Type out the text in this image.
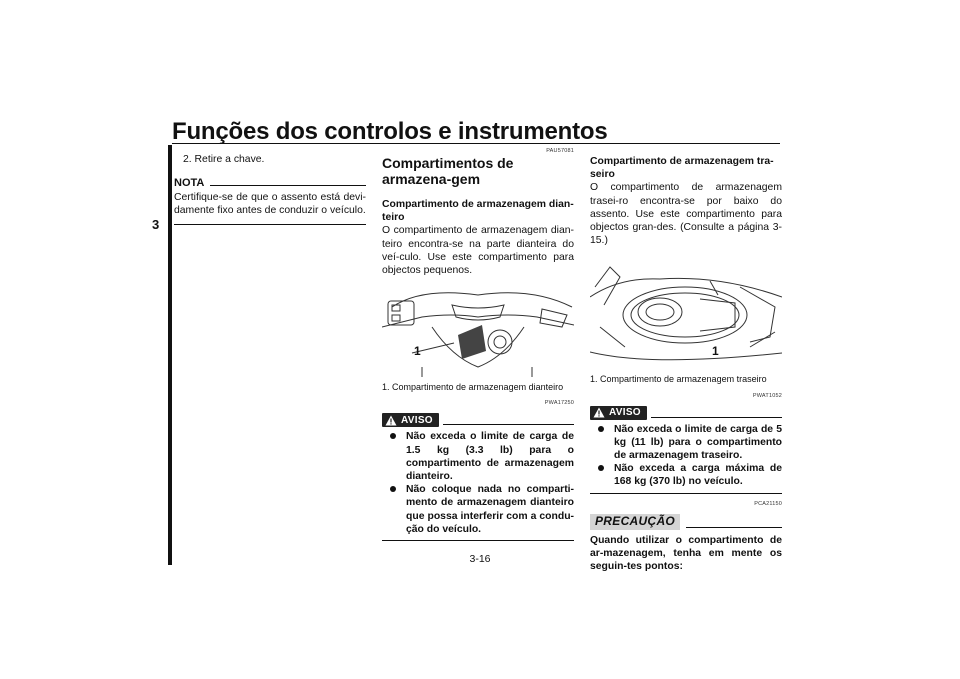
Funções dos controlos e instrumentos
3
2. Retire a chave.
NOTA
Certifique-se de que o assento está devi-damente fixo antes de conduzir o veículo.
PAU57081
Compartimentos de armazena-gem
Compartimento de armazenagem dian-teiro
O compartimento de armazenagem dian-teiro encontra-se na parte dianteira do veí-culo. Use este compartimento para objectos pequenos.
1
1. Compartimento de armazenagem dianteiro
PWA17250
AVISO
Não exceda o limite de carga de 1.5 kg (3.3 lb) para o compartimento de armazenagem dianteiro.
Não coloque nada no comparti-mento de armazenagem dianteiro que possa interferir com a condu-ção do veículo.
Compartimento de armazenagem tra-seiro
O compartimento de armazenagem trasei-ro encontra-se por baixo do assento. Use este compartimento para objectos gran-des. (Consulte a página 3-15.)
1
1. Compartimento de armazenagem traseiro
PWAT1052
AVISO
Não exceda o limite de carga de 5 kg (11 lb) para o compartimento de armazenagem traseiro.
Não exceda a carga máxima de 168 kg (370 lb) no veículo.
PCA21150
PRECAUÇÃO
Quando utilizar o compartimento de ar-mazenagem, tenha em mente os seguin-tes pontos:
3-16
